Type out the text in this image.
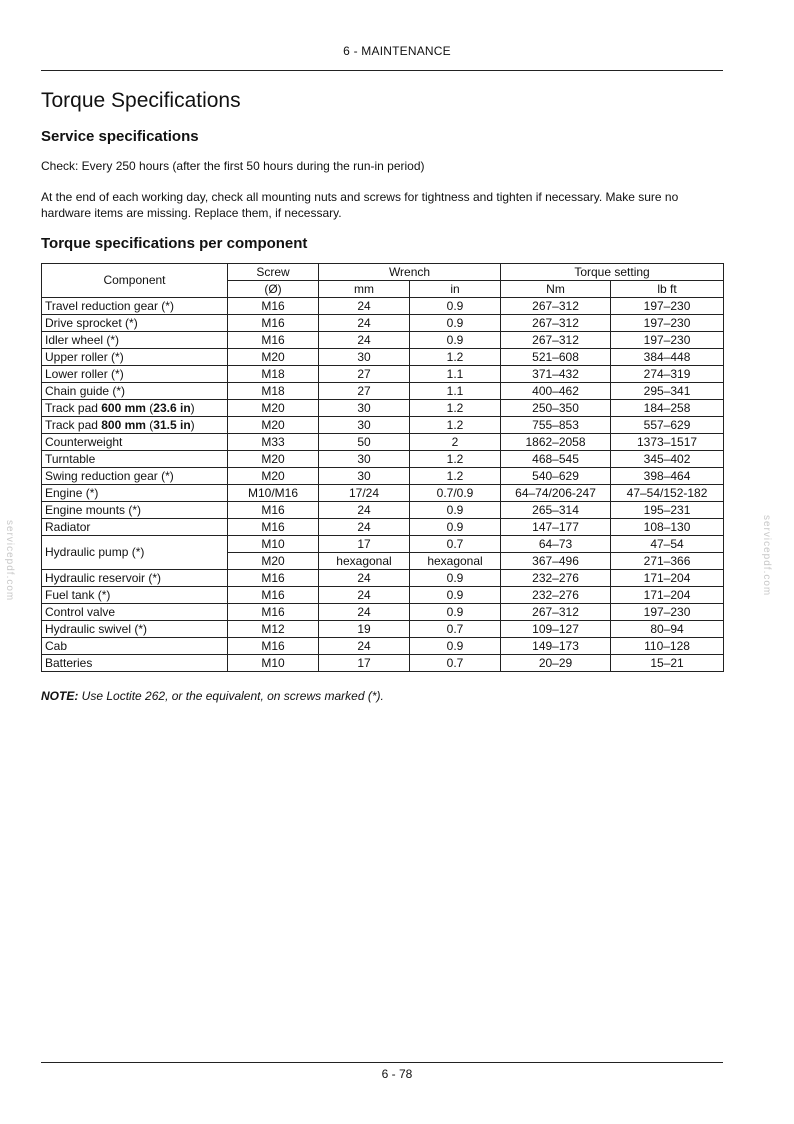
6 - MAINTENANCE
Torque Specifications
Service specifications

Check: Every 250 hours (after the first 50 hours during the run-in period)

At the end of each working day, check all mounting nuts and screws for tightness and tighten if necessary. Make sure no hardware items are missing. Replace them, if necessary.

Torque specifications per component
Component	Screw	Wrench		Torque setting	
	(Ø)	mm	in	Nm	lb ft
Travel reduction gear (*)	M16	24	0.9	267–312	197–230
Drive sprocket (*)	M16	24	0.9	267–312	197–230
Idler wheel (*)	M16	24	0.9	267–312	197–230
Upper roller (*)	M20	30	1.2	521–608	384–448
Lower roller (*)	M18	27	1.1	371–432	274–319
Chain guide (*)	M18	27	1.1	400–462	295–341
Track pad 600 mm (23.6 in)	M20	30	1.2	250–350	184–258
Track pad 800 mm (31.5 in)	M20	30	1.2	755–853	557–629
Counterweight	M33	50	2	1862–2058	1373–1517
Turntable	M20	30	1.2	468–545	345–402
Swing reduction gear (*)	M20	30	1.2	540–629	398–464
Engine (*)	M10/M16	17/24	0.7/0.9	64–74/206-247	47–54/152-182
Engine mounts (*)	M16	24	0.9	265–314	195–231
Radiator	M16	24	0.9	147–177	108–130
Hydraulic pump (*)	M10	17	0.7	64–73	47–54
	M20	hexagonal	hexagonal	367–496	271–366
Hydraulic reservoir (*)	M16	24	0.9	232–276	171–204
Fuel tank (*)	M16	24	0.9	232–276	171–204
Control valve	M16	24	0.9	267–312	197–230
Hydraulic swivel (*)	M12	19	0.7	109–127	80–94
Cab	M16	24	0.9	149–173	110–128
Batteries	M10	17	0.7	20–29	15–21

NOTE: Use Loctite 262, or the equivalent, on screws marked (*).

servicepdf.com	servicepdf.com
6 - 78
